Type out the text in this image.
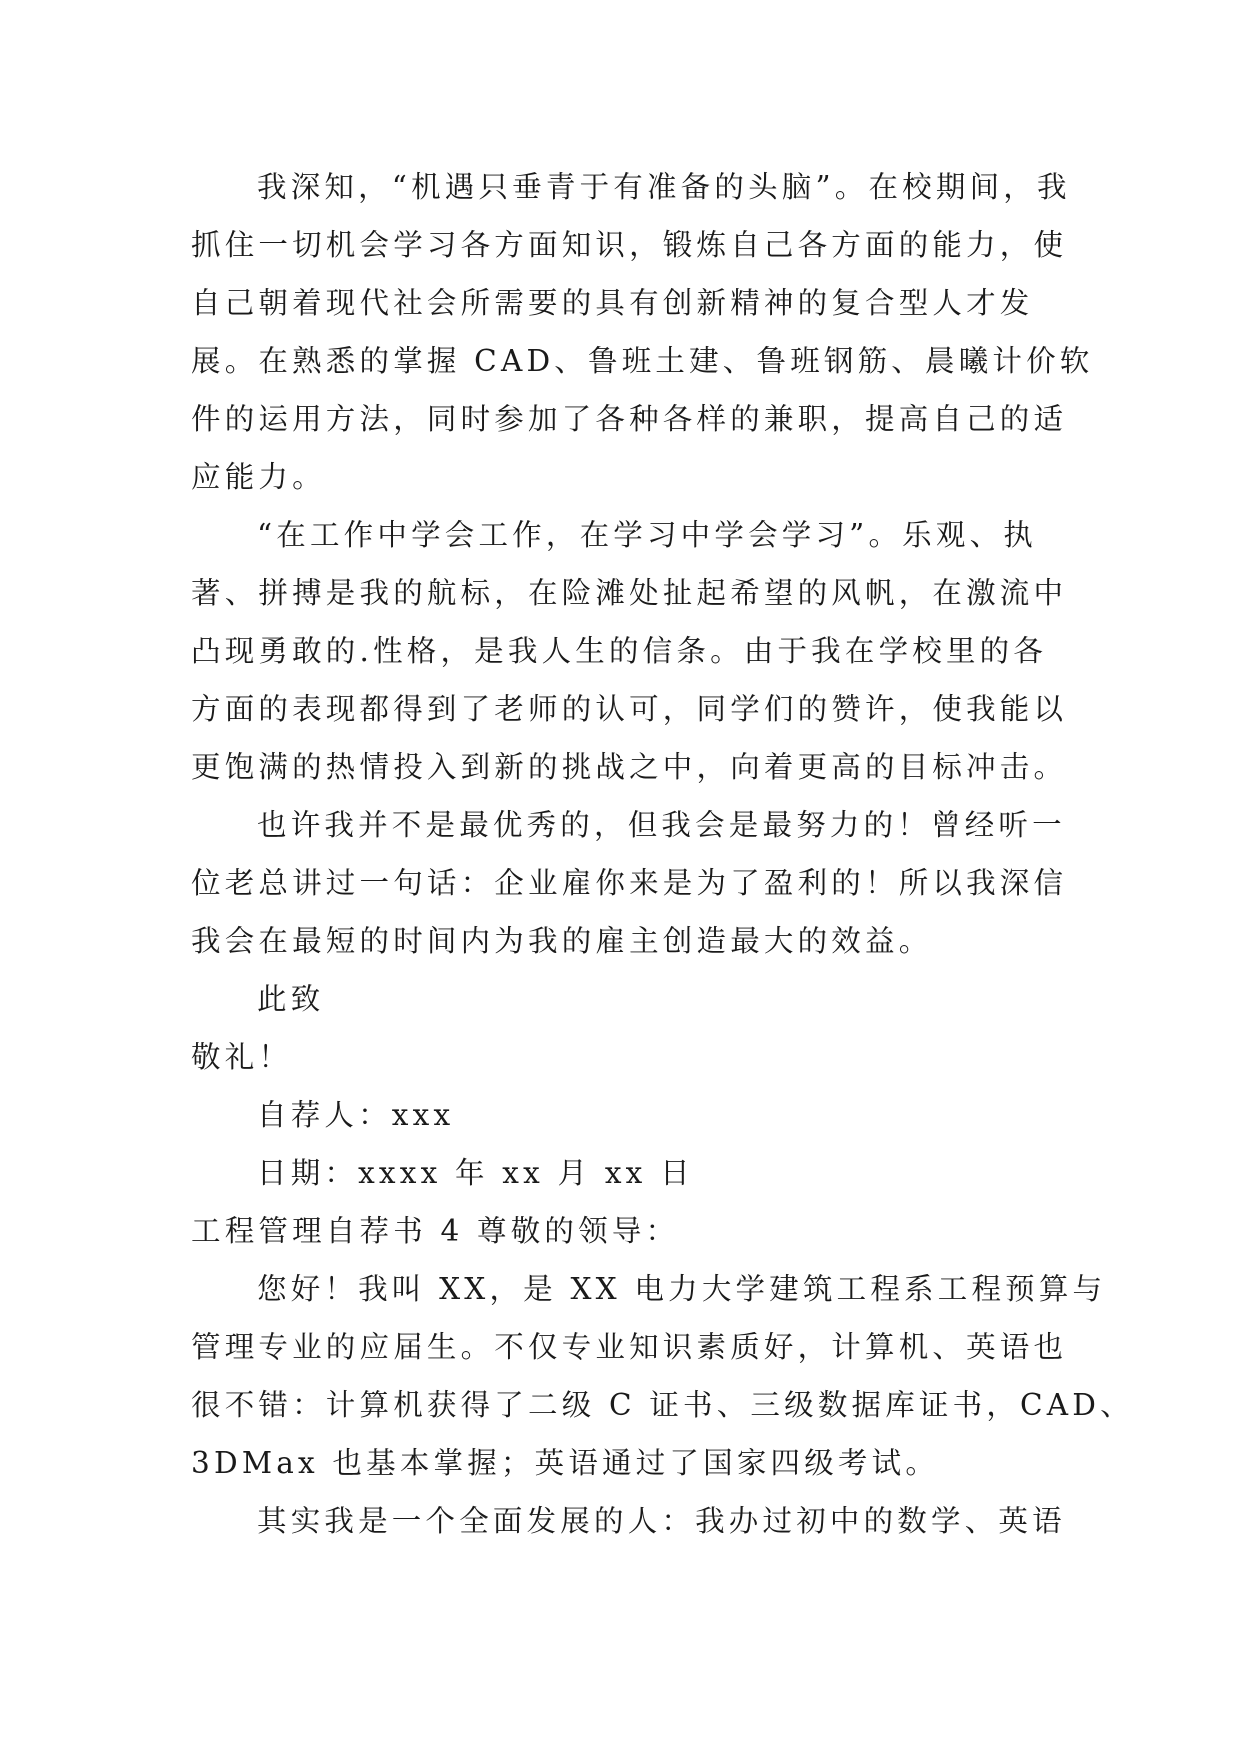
我深知，“机遇只垂青于有准备的头脑”。在校期间，我
抓住一切机会学习各方面知识，锻炼自己各方面的能力，使
自己朝着现代社会所需要的具有创新精神的复合型人才发
展。在熟悉的掌握 CAD、鲁班土建、鲁班钢筋、晨曦计价软
件的运用方法，同时参加了各种各样的兼职，提高自己的适
应能力。
“在工作中学会工作，在学习中学会学习”。乐观、执
著、拼搏是我的航标，在险滩处扯起希望的风帆，在激流中
凸现勇敢的.性格，是我人生的信条。由于我在学校里的各
方面的表现都得到了老师的认可，同学们的赞许，使我能以
更饱满的热情投入到新的挑战之中，向着更高的目标冲击。
也许我并不是最优秀的，但我会是最努力的！曾经听一
位老总讲过一句话：企业雇你来是为了盈利的！所以我深信
我会在最短的时间内为我的雇主创造最大的效益。
此致
敬礼！
自荐人：xxx
日期：xxxx 年 xx 月 xx 日
工程管理自荐书 4 尊敬的领导：
您好！我叫 XX，是 XX 电力大学建筑工程系工程预算与
管理专业的应届生。不仅专业知识素质好，计算机、英语也
很不错：计算机获得了二级 C 证书、三级数据库证书，CAD、
3DMax 也基本掌握；英语通过了国家四级考试。
其实我是一个全面发展的人：我办过初中的数学、英语
